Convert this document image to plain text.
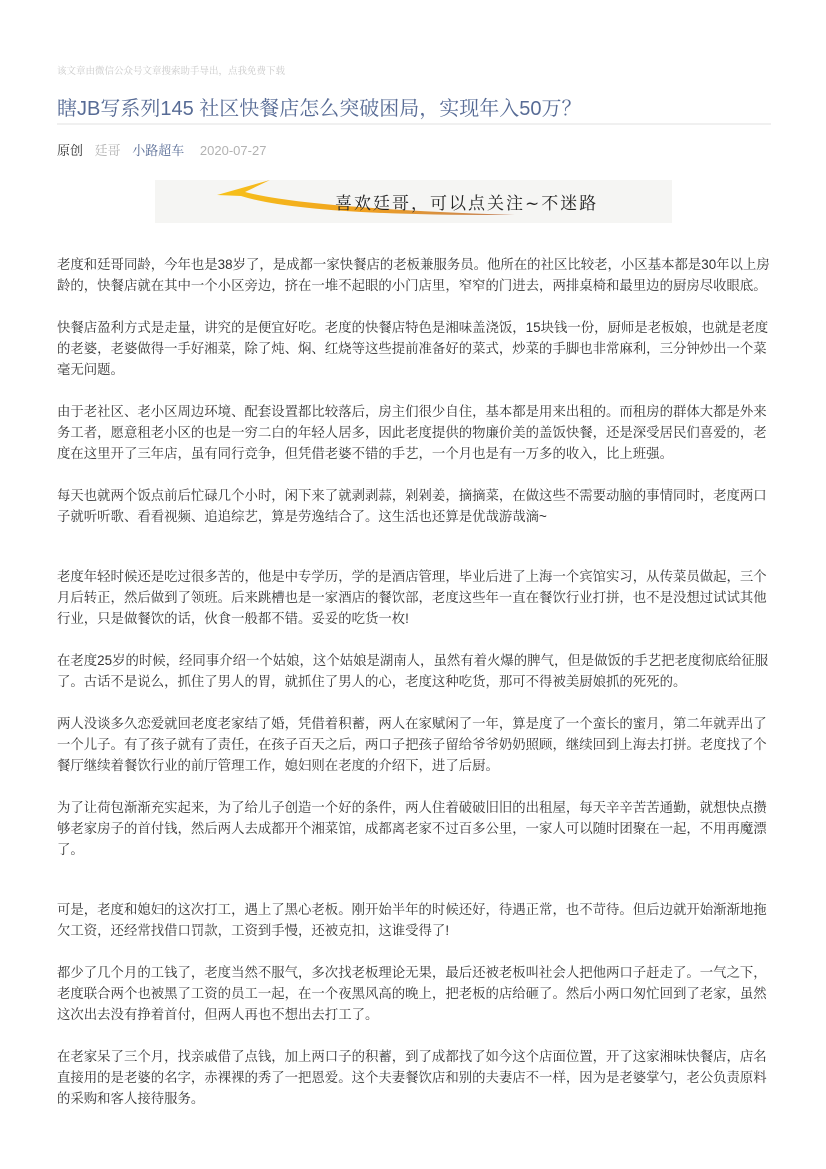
该文章由微信公众号文章搜索助手导出，点我免费下载
瞎JB写系列145 社区快餐店怎么突破困局，实现年入50万？
原创 廷哥 小路超车 2020-07-27
喜欢廷哥，可以点关注~不迷路

老度和廷哥同龄，今年也是38岁了，是成都一家快餐店的老板兼服务员。他所在的社区比较老，小区基本都是30年以上房
龄的，快餐店就在其中一个小区旁边，挤在一堆不起眼的小门店里，窄窄的门进去，两排桌椅和最里边的厨房尽收眼底。

快餐店盈利方式是走量，讲究的是便宜好吃。老度的快餐店特色是湘味盖浇饭，15块钱一份，厨师是老板娘，也就是老度
的老婆，老婆做得一手好湘菜，除了炖、焖、红烧等这些提前准备好的菜式，炒菜的手脚也非常麻利，三分钟炒出一个菜
毫无问题。

由于老社区、老小区周边环境、配套设置都比较落后，房主们很少自住，基本都是用来出租的。而租房的群体大都是外来
务工者，愿意租老小区的也是一穷二白的年轻人居多，因此老度提供的物廉价美的盖饭快餐，还是深受居民们喜爱的，老
度在这里开了三年店，虽有同行竞争，但凭借老婆不错的手艺，一个月也是有一万多的收入，比上班强。

每天也就两个饭点前后忙碌几个小时，闲下来了就剥剥蒜，剁剁姜，摘摘菜，在做这些不需要动脑的事情同时，老度两口
子就听听歌、看看视频、追追综艺，算是劳逸结合了。这生活也还算是优哉游哉滴~

老度年轻时候还是吃过很多苦的，他是中专学历，学的是酒店管理，毕业后进了上海一个宾馆实习，从传菜员做起，三个
月后转正，然后做到了领班。后来跳槽也是一家酒店的餐饮部，老度这些年一直在餐饮行业打拼，也不是没想过试试其他
行业，只是做餐饮的话，伙食一般都不错。妥妥的吃货一枚!

在老度25岁的时候，经同事介绍一个姑娘，这个姑娘是湖南人，虽然有着火爆的脾气，但是做饭的手艺把老度彻底给征服
了。古话不是说么，抓住了男人的胃，就抓住了男人的心，老度这种吃货，那可不得被美厨娘抓的死死的。

两人没谈多久恋爱就回老度老家结了婚，凭借着积蓄，两人在家赋闲了一年，算是度了一个蛮长的蜜月，第二年就弄出了
一个儿子。有了孩子就有了责任，在孩子百天之后，两口子把孩子留给爷爷奶奶照顾，继续回到上海去打拼。老度找了个
餐厅继续着餐饮行业的前厅管理工作，媳妇则在老度的介绍下，进了后厨。

为了让荷包渐渐充实起来，为了给儿子创造一个好的条件，两人住着破破旧旧的出租屋，每天辛辛苦苦通勤，就想快点攒
够老家房子的首付钱，然后两人去成都开个湘菜馆，成都离老家不过百多公里，一家人可以随时团聚在一起，不用再魔漂
了。

可是，老度和媳妇的这次打工，遇上了黑心老板。刚开始半年的时候还好，待遇正常，也不苛待。但后边就开始渐渐地拖
欠工资，还经常找借口罚款，工资到手慢，还被克扣，这谁受得了!

都少了几个月的工钱了，老度当然不服气，多次找老板理论无果，最后还被老板叫社会人把他两口子赶走了。一气之下，
老度联合两个也被黑了工资的员工一起，在一个夜黑风高的晚上，把老板的店给砸了。然后小两口匆忙回到了老家，虽然
这次出去没有挣着首付，但两人再也不想出去打工了。

在老家呆了三个月，找亲戚借了点钱，加上两口子的积蓄，到了成都找了如今这个店面位置，开了这家湘味快餐店，店名
直接用的是老婆的名字，赤裸裸的秀了一把恩爱。这个夫妻餐饮店和别的夫妻店不一样，因为是老婆掌勺，老公负责原料
的采购和客人接待服务。
